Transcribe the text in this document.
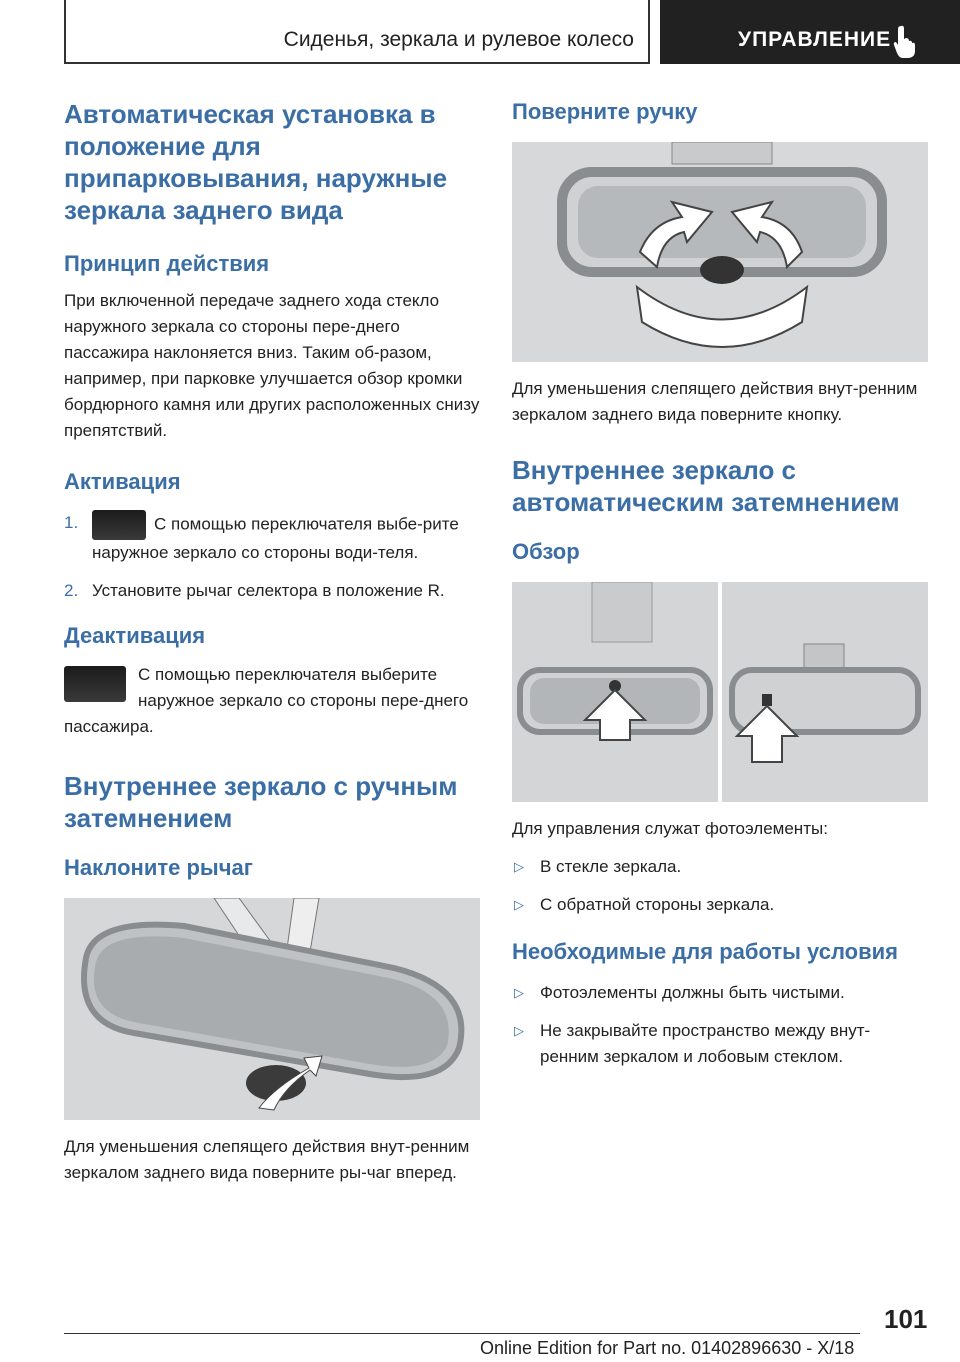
Сиденья, зеркала и рулевое колесо	УПРАВЛЕНИЕ
Автоматическая установка в положение для припарковывания, наружные зеркала заднего вида
Принцип действия

При включенной передаче заднего хода стекло наружного зеркала со стороны пере-днего пассажира наклоняется вниз. Таким об-разом, например, при парковке улучшается обзор кромки бордюрного камня или других расположенных снизу препятствий.

Активация
1.	С помощью переключателя выбе-рите наружное зеркало со стороны води-теля.
2. Установите рычаг селектора в положение R.
Деактивация

С помощью переключателя выберите наружное зеркало со стороны пере-днего пассажира.

Внутреннее зеркало с ручным затемнением
Наклоните рычаг

Для уменьшения слепящего действия внут-ренним зеркалом заднего вида поверните ры-чаг вперед.

Поверните ручку

Для уменьшения слепящего действия внут-ренним зеркалом заднего вида поверните кнопку.

Внутреннее зеркало с автоматическим затемнением
Обзор

Для управления служат фотоэлементы:

▷ В стекле зеркала.
▷ С обратной стороны зеркала.
Необходимые для работы условия
▷ Фотоэлементы должны быть чистыми.
▷ Не закрывайте пространство между внут-ренним зеркалом и лобовым стеклом.
101
Online Edition for Part no. 01402896630 - X/18
